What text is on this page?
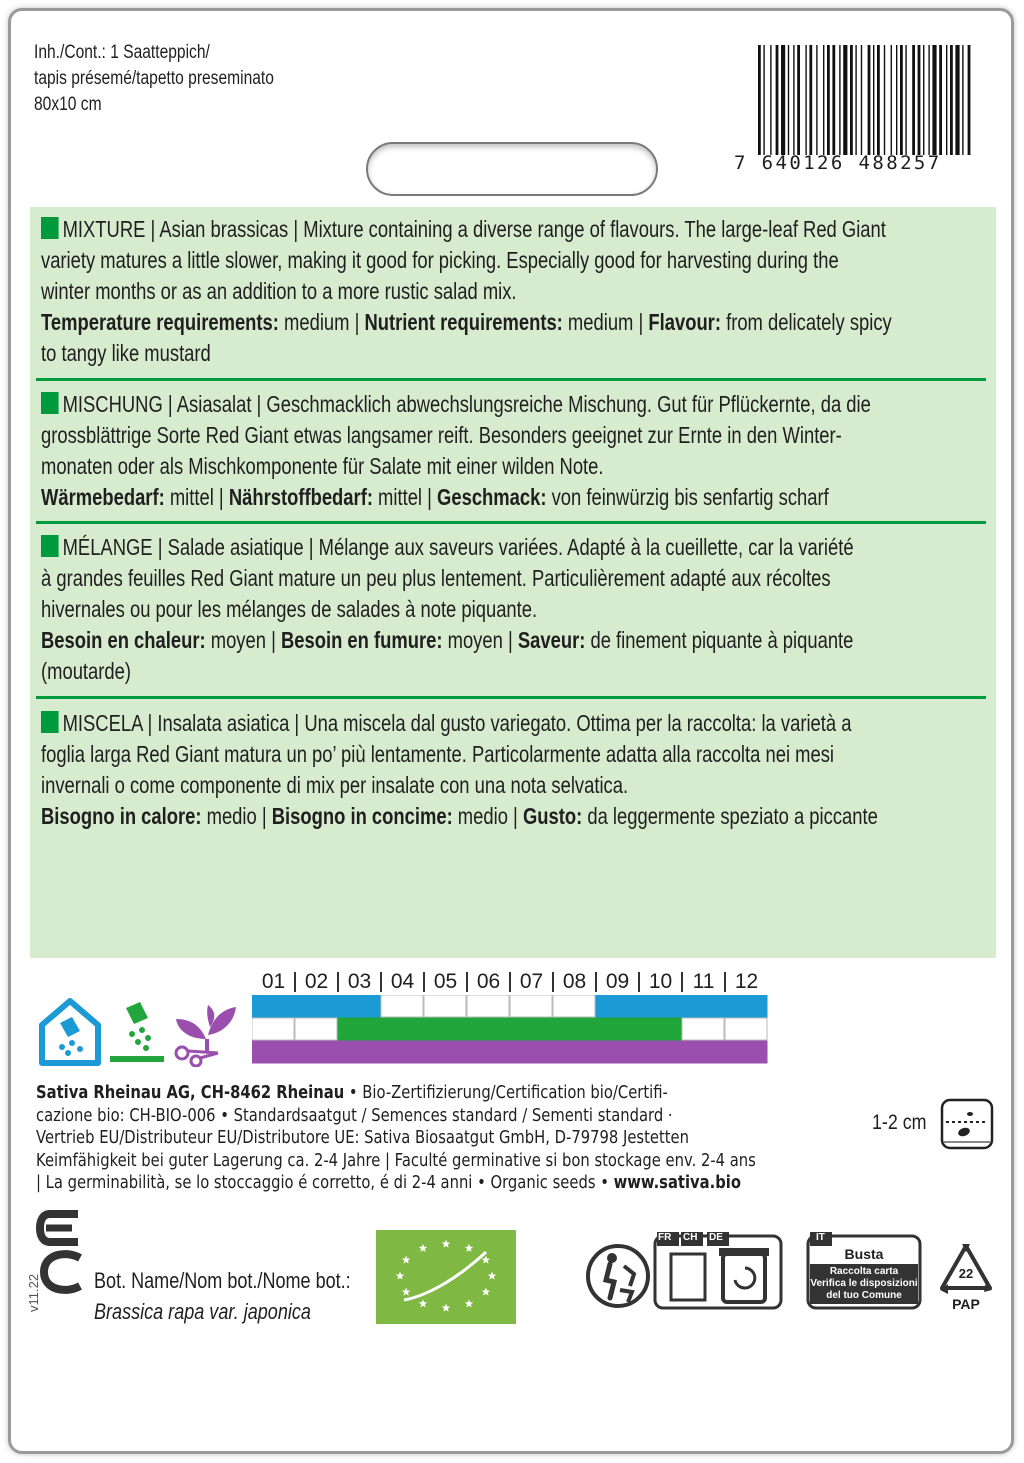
Inh./Cont.: 1 Saatteppich/
tapis présemé/tapetto preseminato
80x10 cm
7 640126 488257

MIXTURE | Asian brassicas | Mixture containing a diverse range of flavours. The large-leaf Red Giant

variety matures a little slower, making it good for picking. Especially good for harvesting during the

winter months or as an addition to a more rustic salad mix.

Temperature requirements: medium | Nutrient requirements: medium | Flavour: from delicately spicy

to tangy like mustard

MISCHUNG | Asiasalat | Geschmacklich abwechslungsreiche Mischung. Gut für Pflückernte, da die

grossblättrige Sorte Red Giant etwas langsamer reift. Besonders geeignet zur Ernte in den Winter-

monaten oder als Mischkomponente für Salate mit einer wilden Note.

Wärmebedarf: mittel | Nährstoffbedarf: mittel | Geschmack: von feinwürzig bis senfartig scharf

MÉLANGE | Salade asiatique | Mélange aux saveurs variées. Adapté à la cueillette, car la variété

à grandes feuilles Red Giant mature un peu plus lentement. Particulièrement adapté aux récoltes

hivernales ou pour les mélanges de salades à note piquante.

Besoin en chaleur: moyen | Besoin en fumure: moyen | Saveur: de finement piquante à piquante

(moutarde)

MISCELA | Insalata asiatica | Una miscela dal gusto variegato. Ottima per la raccolta: la varietà a

foglia larga Red Giant matura un po’ più lentamente. Particolarmente adatta alla raccolta nei mesi

invernali o come componente di mix per insalate con una nota selvatica.

Bisogno in calore: medio | Bisogno in concime: medio | Gusto: da leggermente speziato a piccante

01 02 03 04 05 06 07 08 09 10 11 12

Sativa Rheinau AG, CH-8462 Rheinau • Bio-Zertifizierung/Certification bio/Certifi-

cazione bio: CH-BIO-006 • Standardsaatgut / Semences standard / Sementi standard ·

Vertrieb EU/Distributeur EU/Distributore UE: Sativa Biosaatgut GmbH, D-79798 Jestetten

Keimfähigkeit bei guter Lagerung ca. 2-4 Jahre | Faculté germinative si bon stockage env. 2-4 ans

| La germinabilità, se lo stoccaggio é corretto, é di 2-4 anni • Organic seeds • www.sativa.bio

1-2 cm
v11.22 Bot. Name/Nom bot./Nome bot.:
Brassica rapa var. japonica
FR CH DE	IT
Busta
Raccolta carta
Verifica le disposizioni
del tuo Comune
22
PAP
